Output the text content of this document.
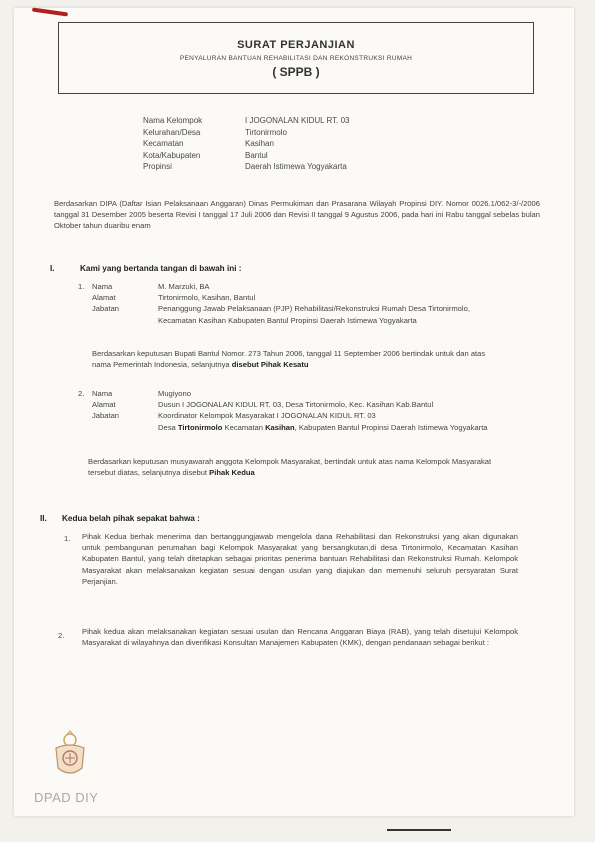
SURAT PERJANJIAN
PENYALURAN BANTUAN REHABILITASI DAN REKONSTRUKSI RUMAH
( SPPB )
Nama Kelompok	I JOGONALAN KIDUL RT. 03
Kelurahan/Desa	Tirtonirmolo
Kecamatan	Kasihan
Kota/Kabupaten	Bantul
Propinsi	Daerah Istimewa Yogyakarta
Berdasarkan DIPA (Daftar Isian Pelaksanaan Anggaran) Dinas Permukiman dan Prasarana Wilayah Propinsi DIY. Nomor 0026.1/062-3/-/2006 tanggal 31 Desember 2005 beserta Revisi I tanggal 17 Juli 2006 dan Revisi II tanggal 9 Agustus 2006, pada hari ini Rabu tanggal sebelas bulan Oktober tahun duaribu enam
I.	Kami yang bertanda tangan di bawah ini :
1.	Nama	M. Marzuki, BA
Alamat	Tirtonirmolo, Kasihan, Bantul
Jabatan	Penanggung Jawab Pelaksanaan (PJP) Rehabilitasi/Rekonstruksi Rumah Desa Tirtonirmolo, Kecamatan Kasihan Kabupaten Bantul Propinsi Daerah Istimewa Yogyakarta
Berdasarkan keputusan Bupati Bantul Nomor. 273 Tahun 2006, tanggal 11 September 2006 bertindak untuk dan atas nama Pemerintah Indonesia, selanjutnya disebut Pihak Kesatu
2.	Nama	Mugiyono
Alamat	Dusun I JOGONALAN KIDUL RT. 03, Desa Tirtonirmolo, Kec. Kasihan Kab.Bantul
Jabatan	Koordinator Kelompok Masyarakat I JOGONALAN KIDUL RT. 03
Desa Tirtonirmolo Kecamatan Kasihan, Kabupaten Bantul Propinsi Daerah Istimewa Yogyakarta
Berdasarkan keputusan musyawarah anggota Kelompok Masyarakat, bertindak untuk atas nama Kelompok Masyarakat tersebut diatas, selanjutnya disebut Pihak Kedua
II. Kedua belah pihak sepakat bahwa :
1. Pihak Kedua berhak menerima dan bertanggungjawab mengelola dana Rehabilitasi dan Rekonstruksi yang akan digunakan untuk pembangunan perumahan bagi Kelompok Masyarakat yang bersangkutan,di desa Tirtonirmolo, Kecamatan Kasihan Kabupaten Bantul, yang telah ditetapkan sebagai prioritas penerima bantuan Rehabilitasi dan Rekonstruksi Rumah. Kelompok Masyarakat akan melaksanakan kegiatan sesuai dengan usulan yang diajukan dan memenuhi seluruh persyaratan Surat Perjanjian.
2. Pihak kedua akan melaksanakan kegiatan sesuai usulan dan Rencana Anggaran Biaya (RAB), yang telah disetujui Kelompok Masyarakat di wilayahnya dan diverifikasi Konsultan Manajemen Kabupaten (KMK), dengan pendanaan sebagai berikut :
DPAD DIY
